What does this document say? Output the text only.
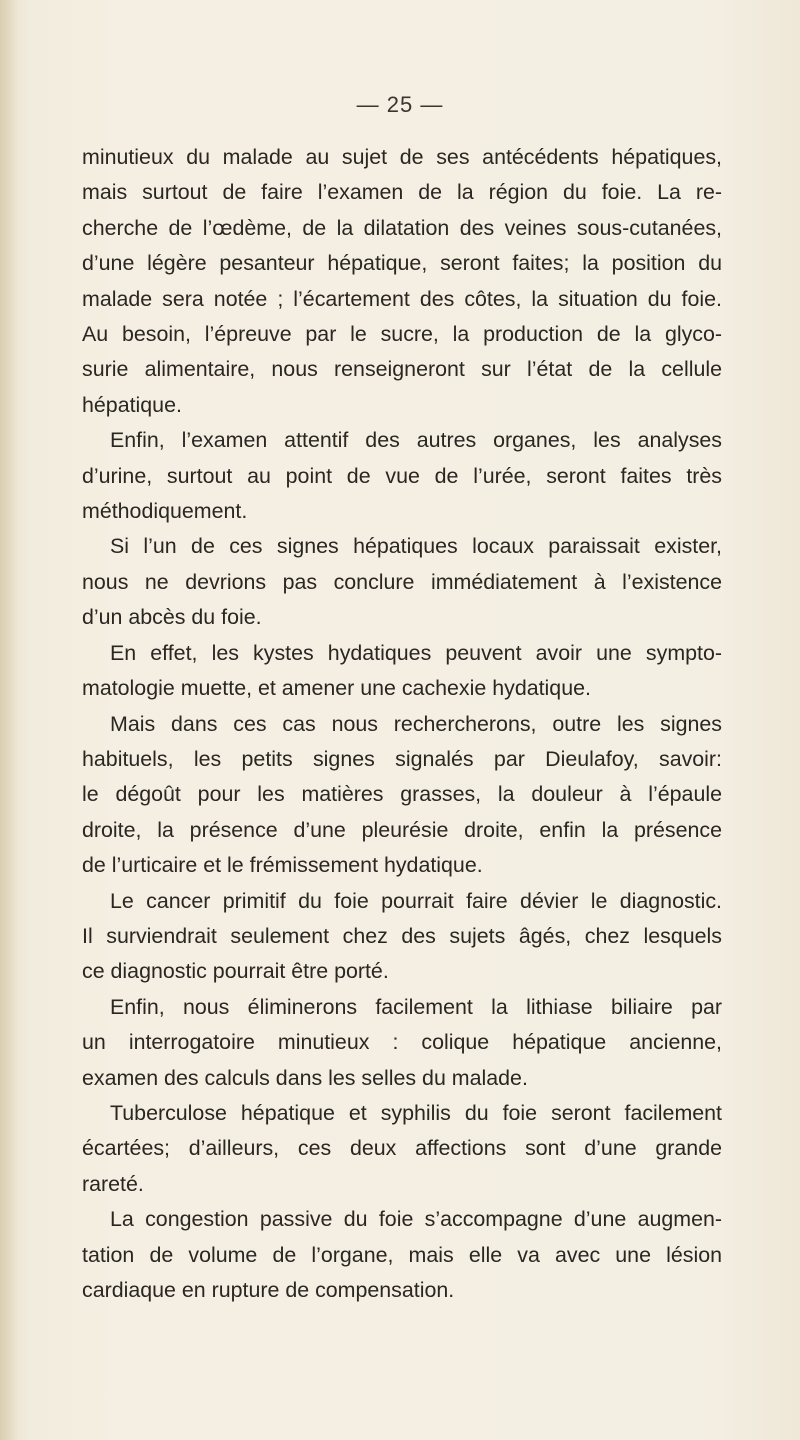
— 25 —

minutieux du malade au sujet de ses antécédents hépatiques,
mais surtout de faire l’examen de la région du foie. La re-
cherche de l’œdème, de la dilatation des veines sous-cutanées,
d’une légère pesanteur hépatique, seront faites; la position du
malade sera notée ; l’écartement des côtes, la situation du foie.
Au besoin, l’épreuve par le sucre, la production de la glyco-
surie alimentaire, nous renseigneront sur l’état de la cellule
hépatique.

Enfin, l’examen attentif des autres organes, les analyses
d’urine, surtout au point de vue de l’urée, seront faites très
méthodiquement.

Si l’un de ces signes hépatiques locaux paraissait exister,
nous ne devrions pas conclure immédiatement à l’existence
d’un abcès du foie.

En effet, les kystes hydatiques peuvent avoir une sympto-
matologie muette, et amener une cachexie hydatique.

Mais dans ces cas nous rechercherons, outre les signes
habituels, les petits signes signalés par Dieulafoy, savoir:
le dégoût pour les matières grasses, la douleur à l’épaule
droite, la présence d’une pleurésie droite, enfin la présence
de l’urticaire et le frémissement hydatique.

Le cancer primitif du foie pourrait faire dévier le diagnostic.
Il surviendrait seulement chez des sujets âgés, chez lesquels
ce diagnostic pourrait être porté.

Enfin, nous éliminerons facilement la lithiase biliaire par
un interrogatoire minutieux : colique hépatique ancienne,
examen des calculs dans les selles du malade.

Tuberculose hépatique et syphilis du foie seront facilement
écartées; d’ailleurs, ces deux affections sont d’une grande
rareté.

La congestion passive du foie s’accompagne d’une augmen-
tation de volume de l’organe, mais elle va avec une lésion
cardiaque en rupture de compensation.
